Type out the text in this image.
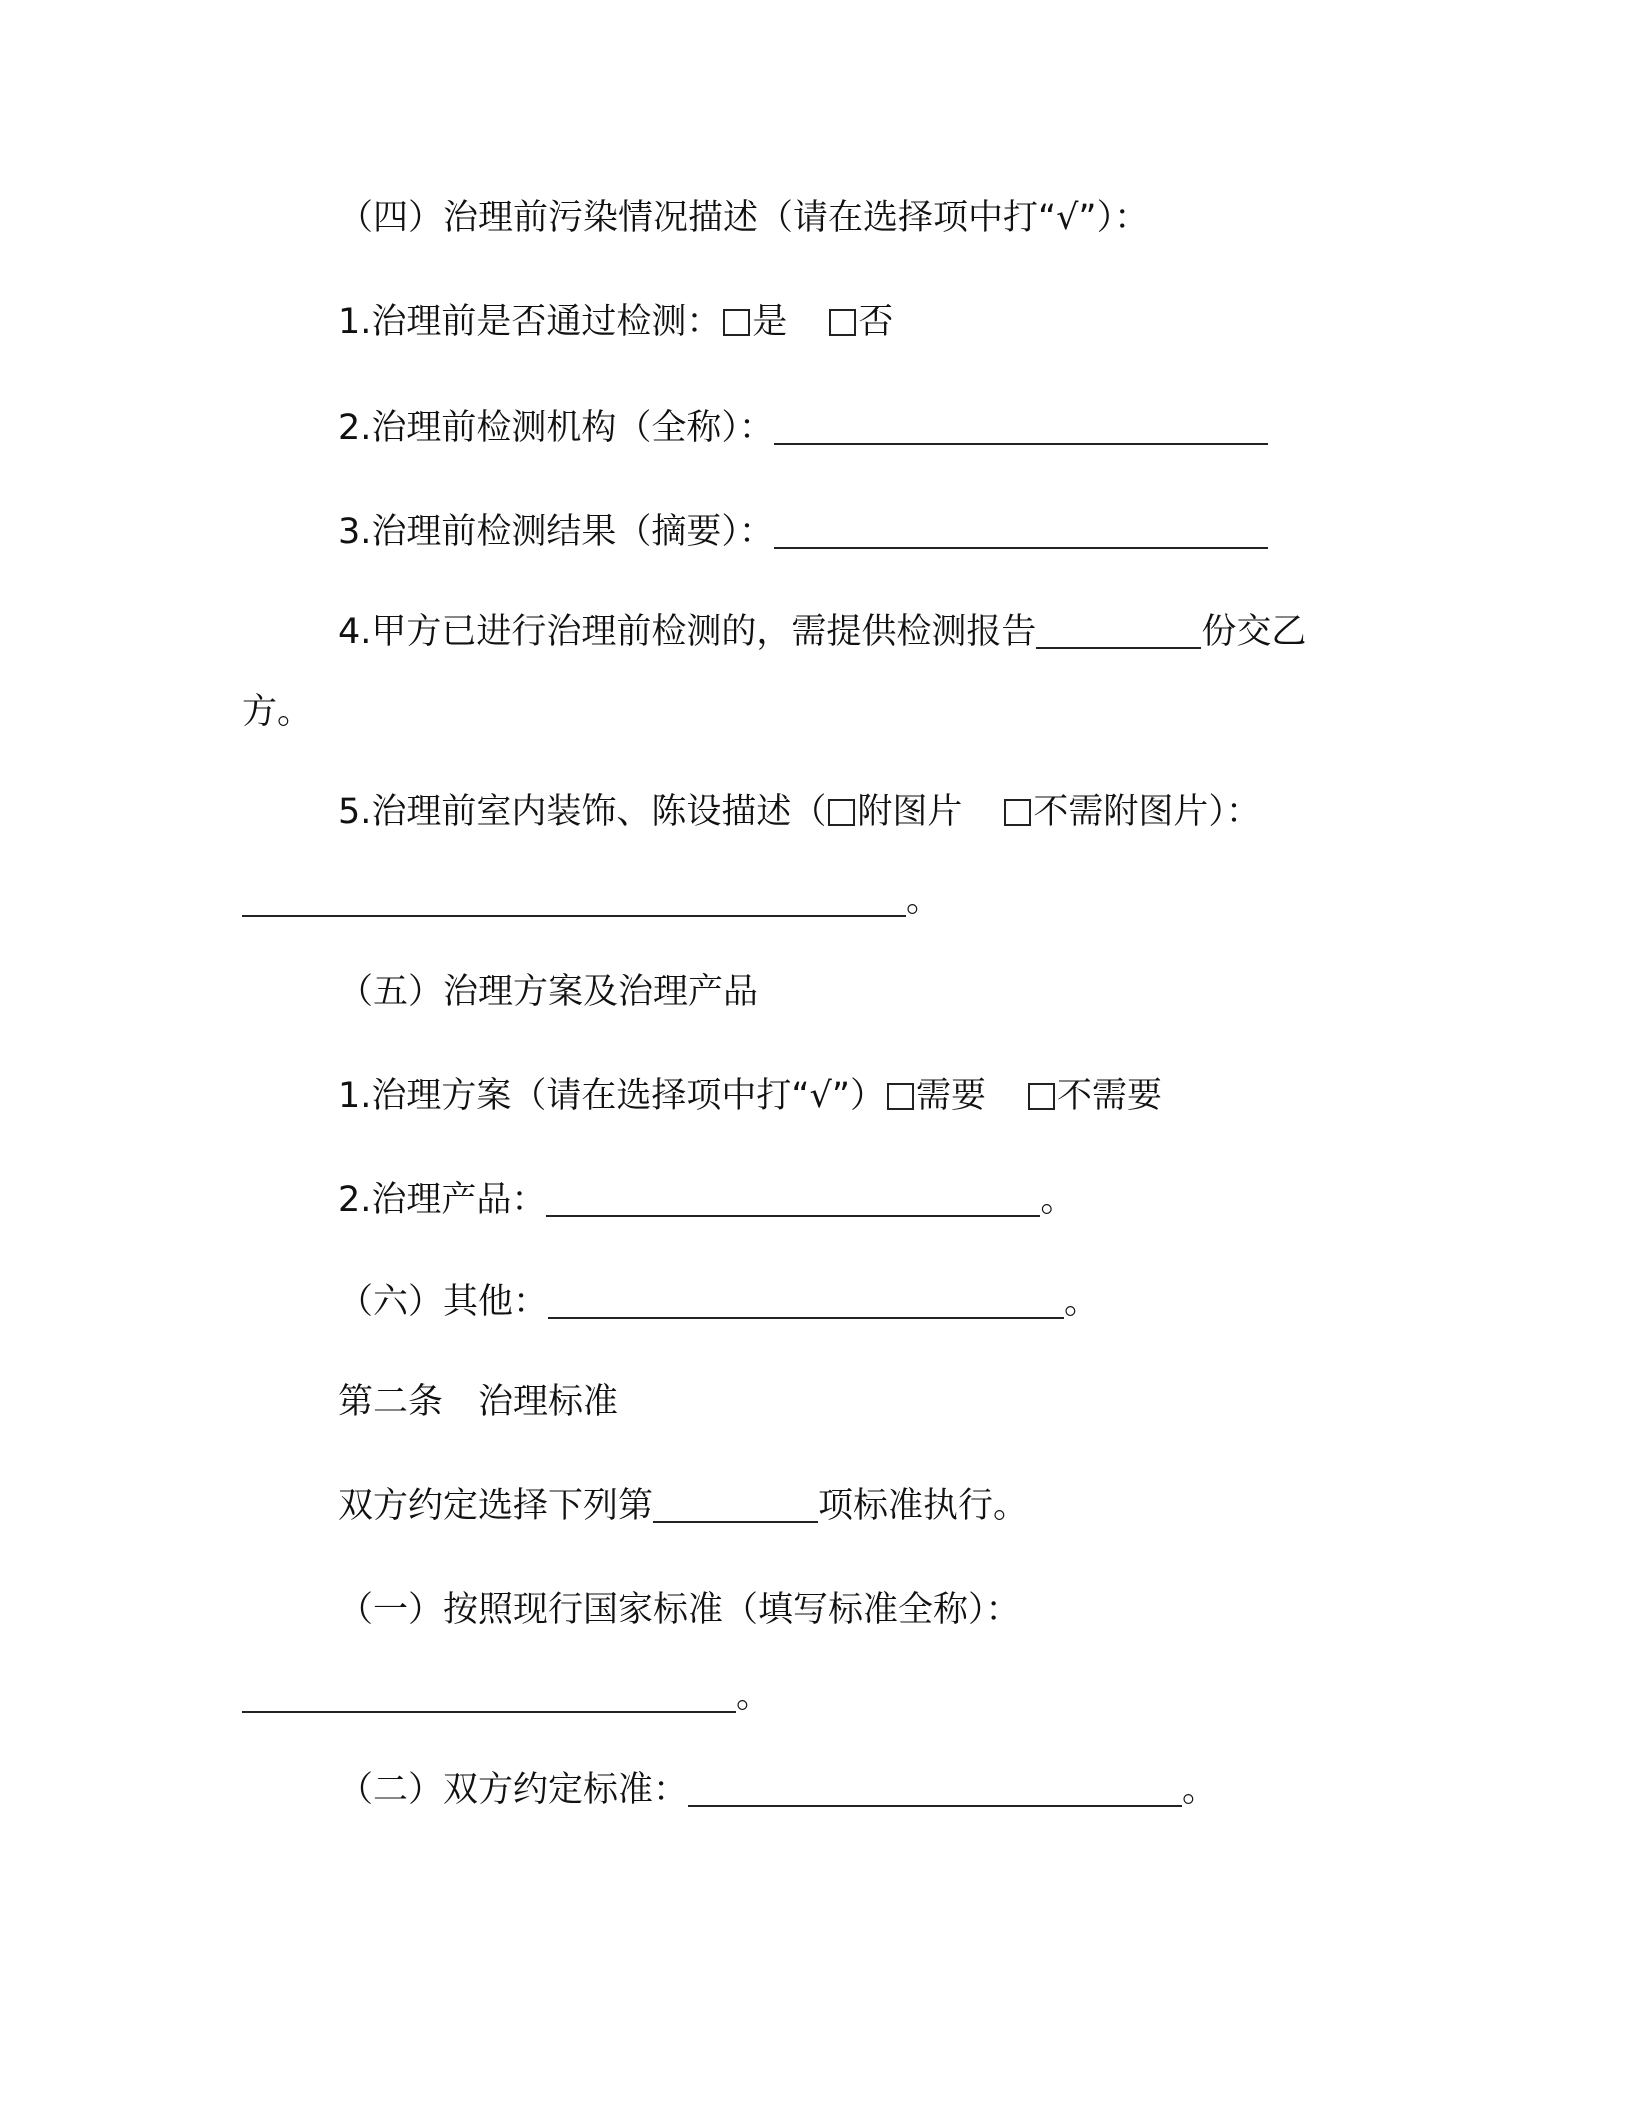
（四）治理前污染情况描述（请在选择项中打“√”）：
1.治理前是否通过检测： 是 否
2.治理前检测机构（全称）：
3.治理前检测结果（摘要）：
4.甲方已进行治理前检测的，需提供检测报告	份交乙
方。
5.治理前室内装饰、陈设描述（ 附图片 不需附图片）：
。
（五）治理方案及治理产品
1.治理方案（请在选择项中打“√”） 需要 不需要
2.治理产品：	。
（六）其他：	。
第二条　治理标准
双方约定选择下列第	项标准执行。
（一）按照现行国家标准（填写标准全称）：
。
（二）双方约定标准：	。
